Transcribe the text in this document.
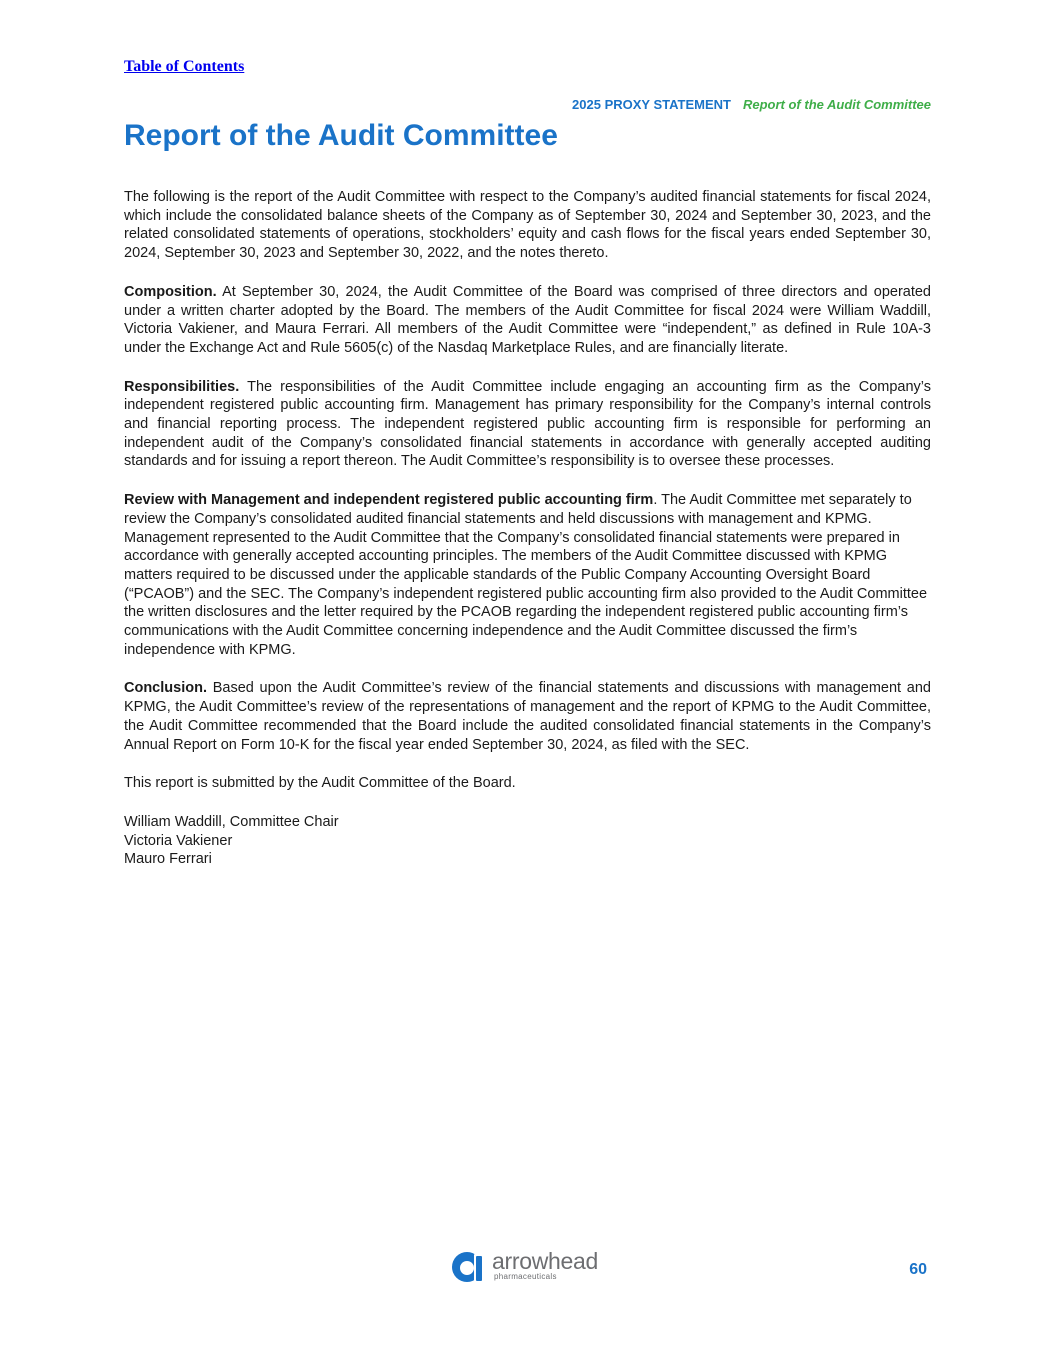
Table of Contents
2025 PROXY STATEMENT Report of the Audit Committee
Report of the Audit Committee

The following is the report of the Audit Committee with respect to the Company’s audited financial statements for fiscal 2024, which include the consolidated balance sheets of the Company as of September 30, 2024 and September 30, 2023, and the related consolidated statements of operations, stockholders’ equity and cash flows for the fiscal years ended September 30, 2024, September 30, 2023 and September 30, 2022, and the notes thereto.

Composition. At September 30, 2024, the Audit Committee of the Board was comprised of three directors and operated under a written charter adopted by the Board. The members of the Audit Committee for fiscal 2024 were William Waddill, Victoria Vakiener, and Maura Ferrari. All members of the Audit Committee were “independent,” as defined in Rule 10A-3 under the Exchange Act and Rule 5605(c) of the Nasdaq Marketplace Rules, and are financially literate.

Responsibilities. The responsibilities of the Audit Committee include engaging an accounting firm as the Company’s independent registered public accounting firm. Management has primary responsibility for the Company’s internal controls and financial reporting process. The independent registered public accounting firm is responsible for performing an independent audit of the Company’s consolidated financial statements in accordance with generally accepted auditing standards and for issuing a report thereon. The Audit Committee’s responsibility is to oversee these processes.

Review with Management and independent registered public accounting firm. The Audit Committee met separately to review the Company’s consolidated audited financial statements and held discussions with management and KPMG. Management represented to the Audit Committee that the Company’s consolidated financial statements were prepared in accordance with generally accepted accounting principles. The members of the Audit Committee discussed with KPMG matters required to be discussed under the applicable standards of the Public Company Accounting Oversight Board (“PCAOB”) and the SEC. The Company’s independent registered public accounting firm also provided to the Audit Committee the written disclosures and the letter required by the PCAOB regarding the independent registered public accounting firm’s communications with the Audit Committee concerning independence and the Audit Committee discussed the firm’s independence with KPMG.

Conclusion. Based upon the Audit Committee’s review of the financial statements and discussions with management and KPMG, the Audit Committee’s review of the representations of management and the report of KPMG to the Audit Committee, the Audit Committee recommended that the Board include the audited consolidated financial statements in the Company’s Annual Report on Form 10-K for the fiscal year ended September 30, 2024, as filed with the SEC.

This report is submitted by the Audit Committee of the Board.

William Waddill, Committee Chair
Victoria Vakiener
Mauro Ferrari
arrowhead
pharmaceuticals	60
